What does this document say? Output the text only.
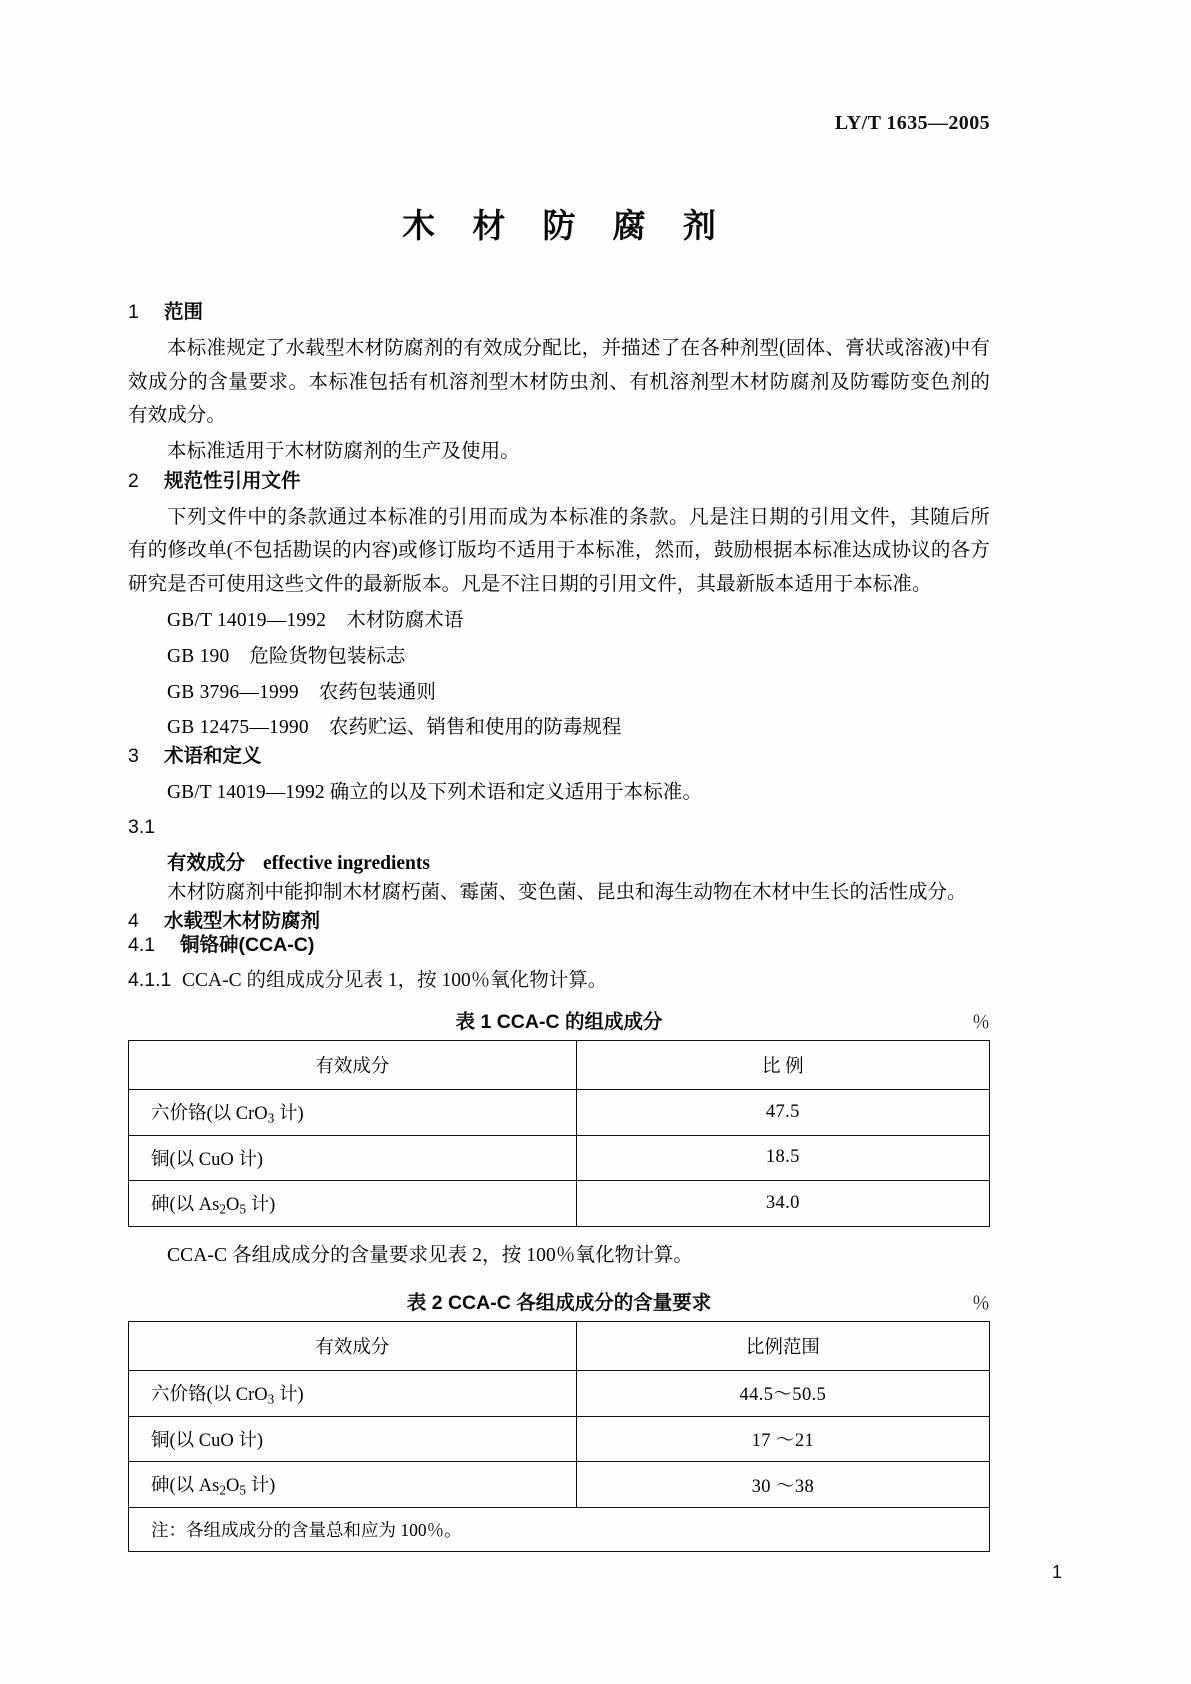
LY/T 1635—2005
木 材 防 腐 剂
1 范围

本标准规定了水载型木材防腐剂的有效成分配比，并描述了在各种剂型(固体、膏状或溶液)中有效成分的含量要求。本标准包括有机溶剂型木材防虫剂、有机溶剂型木材防腐剂及防霉防变色剂的有效成分。

本标准适用于木材防腐剂的生产及使用。

2 规范性引用文件

下列文件中的条款通过本标准的引用而成为本标准的条款。凡是注日期的引用文件，其随后所有的修改单(不包括勘误的内容)或修订版均不适用于本标准，然而，鼓励根据本标准达成协议的各方研究是否可使用这些文件的最新版本。凡是不注日期的引用文件，其最新版本适用于本标准。

GB/T 14019—1992 木材防腐术语

GB 190 危险货物包装标志

GB 3796—1999 农药包装通则

GB 12475—1990 农药贮运、销售和使用的防毒规程

3 术语和定义

GB/T 14019—1992 确立的以及下列术语和定义适用于本标准。

3.1

有效成分 effective ingredients

木材防腐剂中能抑制木材腐朽菌、霉菌、变色菌、昆虫和海生动物在木材中生长的活性成分。

4 水载型木材防腐剂
4.1 铜铬砷(CCA-C)

4.1.1 CCA-C 的组成成分见表 1，按 100％氧化物计算。

表 1 CCA-C 的组成成分	％
有效成分	比 例
六价铬(以 CrO$_3$ 计)	47.5
铜(以 CuO 计)	18.5
砷(以 $As_2O_5$ 计)	34.0

CCA-C 各组成成分的含量要求见表 2，按 100％氧化物计算。

表 2 CCA-C 各组成成分的含量要求	％
有效成分	比例范围
六价铬(以 CrO$_3$ 计)	44.5～50.5
铜(以 CuO 计)	17 ～21
砷(以 $As_2O_5$ 计)	30 ～38
注：各组成成分的含量总和应为 100％。	
1
